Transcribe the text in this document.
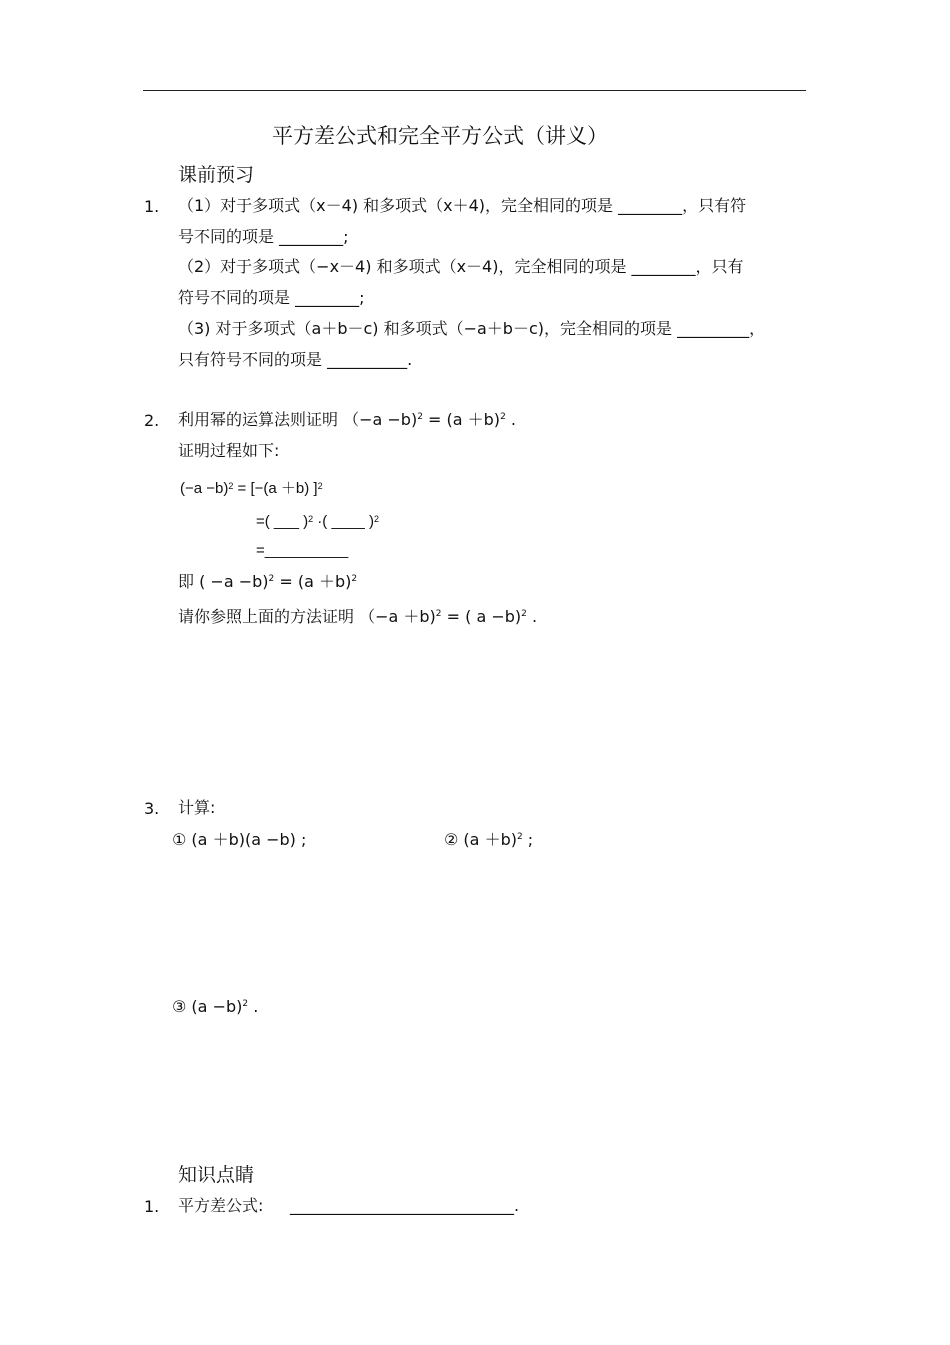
平方差公式和完全平方公式（讲义）
课前预习
1. （1）对于多项式（x－4) 和多项式（x＋4)，完全相同的项是 ________，只有符
号不同的项是 ________;
（2）对于多项式（−x－4) 和多项式（x－4)，完全相同的项是 ________，只有
符号不同的项是 ________;
（3) 对于多项式（a＋b－c) 和多项式（−a＋b－c)，完全相同的项是 _________，
只有符号不同的项是 __________.
2. 利用幂的运算法则证明 $(-a -b)^2 = (a +b)^2$ .
证明过程如下:
$(-a -b)^2 = [-(a +b)$ ]$^2$
=( ___ )$^2$ ·( ____ )$^2$
=__________
即 ( $-a -b)^2 = (a +b)^2$
请你参照上面的方法证明 （−a ＋b)$^2$ = ( a −b)$^2$ .
3. 计算:
① (a ＋b)(a −b) ;	② $(a +b)^2$ ;
③ $(a -b)^2$ .
知识点睛
1. 平方差公式: ____________________________.
